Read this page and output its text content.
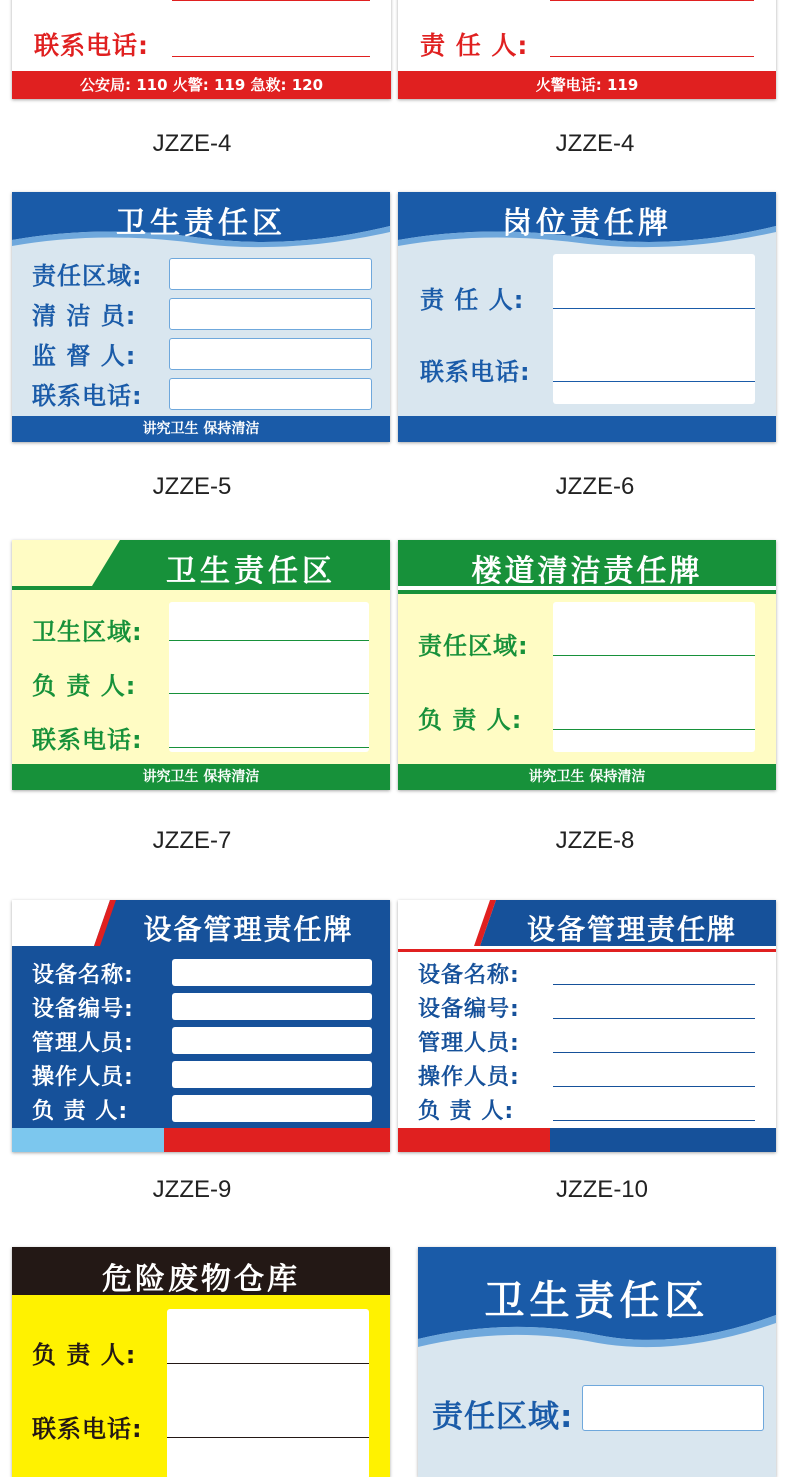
联系电话:
公安局: 110 火警: 119 急救: 120
责 任 人:
火警电话: 119
JZZE-4	JZZE-4
卫生责任区
责任区域:
清 洁 员:
监 督 人:
联系电话:
讲究卫生 保持清洁
岗位责任牌
责 任 人:
联系电话:
JZZE-5	JZZE-6
卫生责任区
卫生区域:
负 责 人:
联系电话:
讲究卫生 保持清洁
楼道清洁责任牌
责任区域:
负 责 人:
讲究卫生 保持清洁
JZZE-7	JZZE-8
设备管理责任牌
设备名称:
设备编号:
管理人员:
操作人员:
负 责 人:
设备管理责任牌
设备名称:
设备编号:
管理人员:
操作人员:
负 责 人:
JZZE-9	JZZE-10
危险废物仓库
负 责 人:
联系电话:
卫生责任区
责任区域:
